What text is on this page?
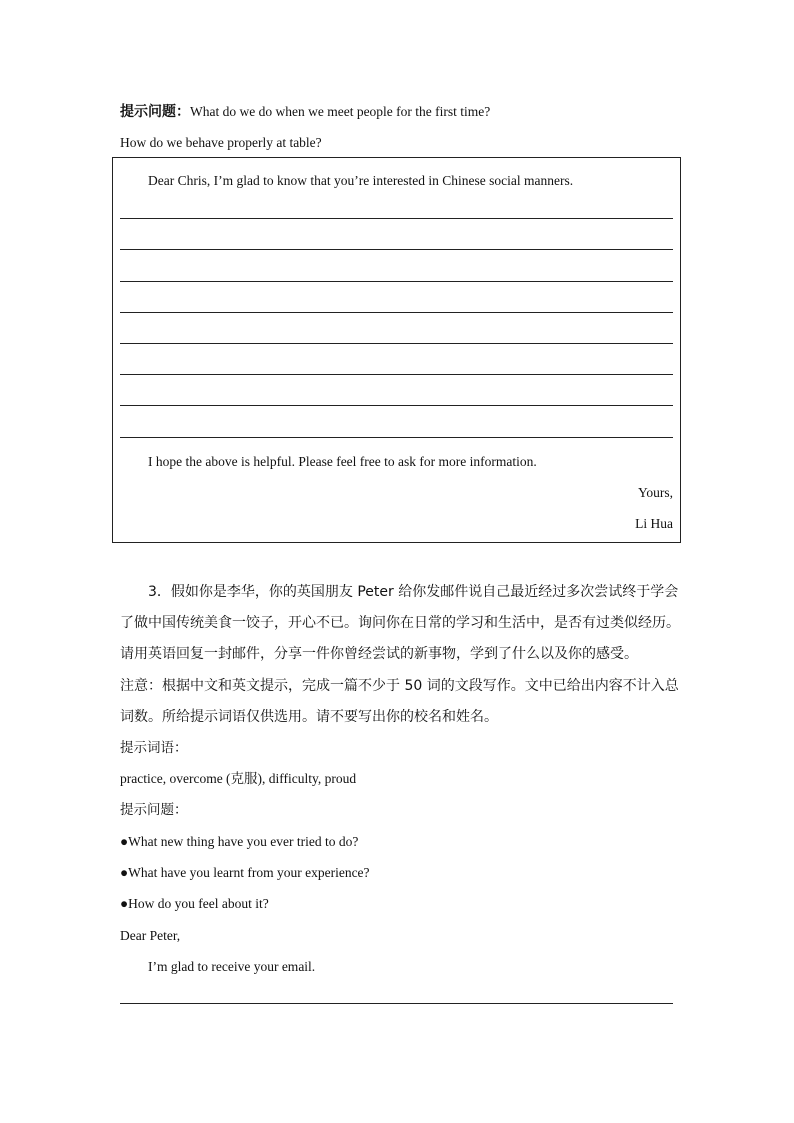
提示问题：What do we do when we meet people for the first time?
How do we behave properly at table?
Dear Chris, I’m glad to know that you’re interested in Chinese social manners.
I hope the above is helpful. Please feel free to ask for more information.
Yours,
Li Hua
3．假如你是李华，你的英国朋友 Peter 给你发邮件说自己最近经过多次尝试终于学会
了做中国传统美食一饺子，开心不已。询问你在日常的学习和生活中，是否有过类似经历。
请用英语回复一封邮件，分享一件你曾经尝试的新事物，学到了什么以及你的感受。
注意：根据中文和英文提示，完成一篇不少于 50 词的文段写作。文中已给出内容不计入总
词数。所给提示词语仅供选用。请不要写出你的校名和姓名。
提示词语：
practice, overcome (克服), difficulty, proud
提示问题：
●What new thing have you ever tried to do?
●What have you learnt from your experience?
●How do you feel about it?
Dear Peter,
I’m glad to receive your email.
